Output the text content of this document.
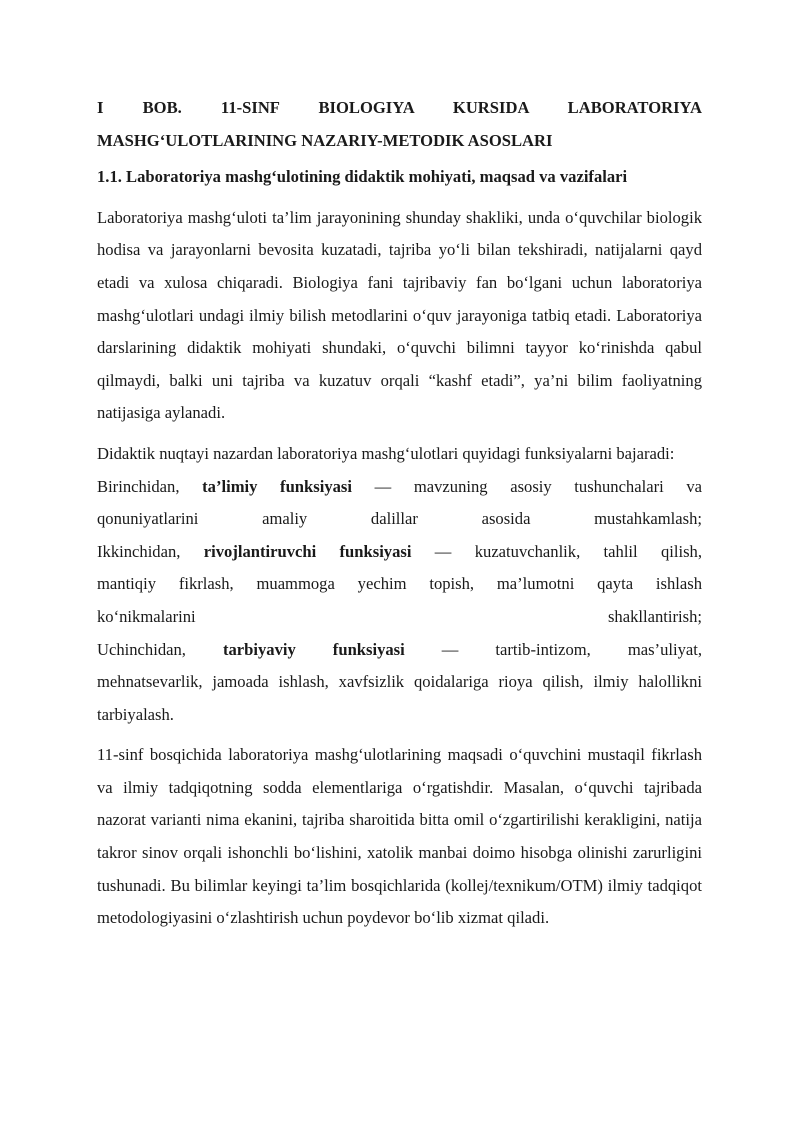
I BOB. 11-SINF BIOLOGIYA KURSIDA LABORATORIYA
MASHG‘ULOTLARINING NAZARIY-METODIK ASOSLARI
1.1. Laboratoriya mashg‘ulotining didaktik mohiyati, maqsad va vazifalari

Laboratoriya mashg‘uloti ta’lim jarayonining shunday shakliki, unda o‘quvchilar biologik hodisa va jarayonlarni bevosita kuzatadi, tajriba yo‘li bilan tekshiradi, natijalarni qayd etadi va xulosa chiqaradi. Biologiya fani tajribaviy fan bo‘lgani uchun laboratoriya mashg‘ulotlari undagi ilmiy bilish metodlarini o‘quv jarayoniga tatbiq etadi. Laboratoriya darslarining didaktik mohiyati shundaki, o‘quvchi bilimni tayyor ko‘rinishda qabul qilmaydi, balki uni tajriba va kuzatuv orqali “kashf etadi”, ya’ni bilim faoliyatning natijasiga aylanadi.

Didaktik nuqtayi nazardan laboratoriya mashg‘ulotlari quyidagi funksiyalarni bajaradi:

Birinchidan, ta’limiy funksiyasi — mavzuning asosiy tushunchalari va

qonuniyatlarini amaliy dalillar asosida mustahkamlash;

Ikkinchidan, rivojlantiruvchi funksiyasi — kuzatuvchanlik, tahlil qilish,

mantiqiy fikrlash, muammoga yechim topish, ma’lumotni qayta ishlash

ko‘nikmalarini shakllantirish;

Uchinchidan, tarbiyaviy funksiyasi — tartib-intizom, mas’uliyat,

mehnatsevarlik, jamoada ishlash, xavfsizlik qoidalariga rioya qilish, ilmiy halollikni tarbiyalash.

11-sinf bosqichida laboratoriya mashg‘ulotlarining maqsadi o‘quvchini mustaqil fikrlash va ilmiy tadqiqotning sodda elementlariga o‘rgatishdir. Masalan, o‘quvchi tajribada nazorat varianti nima ekanini, tajriba sharoitida bitta omil o‘zgartirilishi kerakligini, natija takror sinov orqali ishonchli bo‘lishini, xatolik manbai doimo hisobga olinishi zarurligini tushunadi. Bu bilimlar keyingi ta’lim bosqichlarida (kollej/texnikum/OTM) ilmiy tadqiqot metodologiyasini o‘zlashtirish uchun poydevor bo‘lib xizmat qiladi.
